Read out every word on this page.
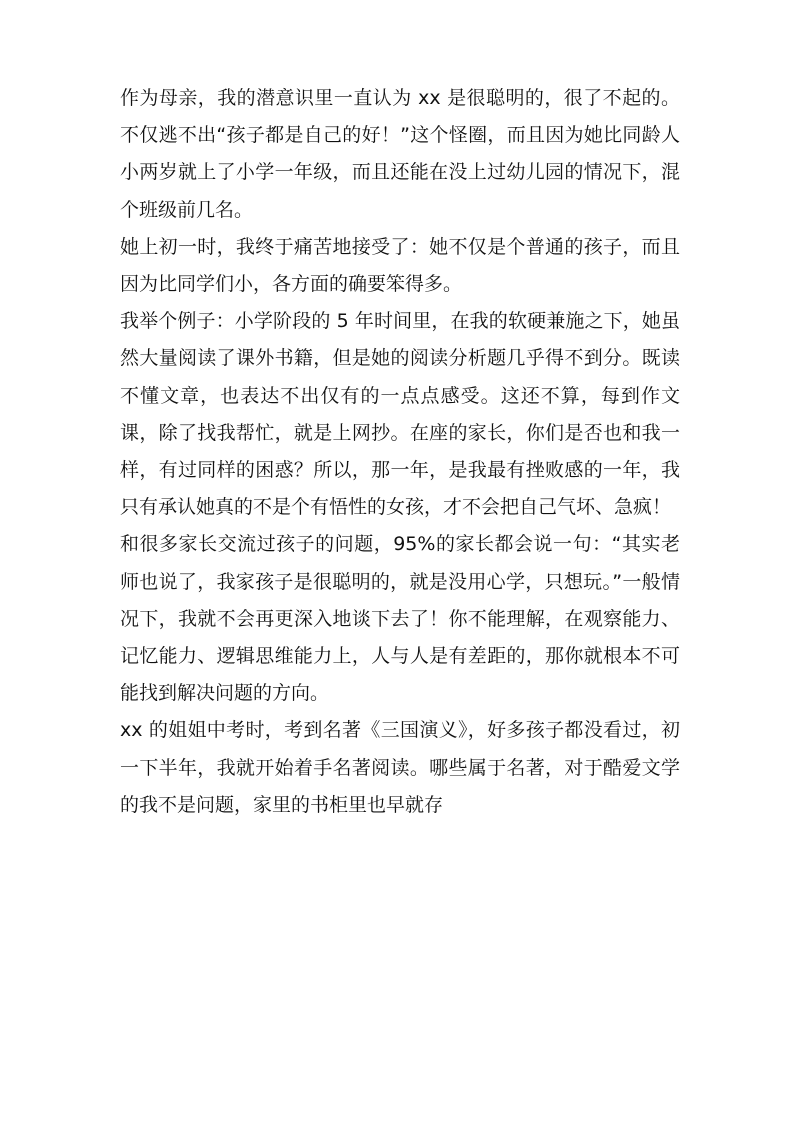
作为母亲，我的潜意识里一直认为 xx 是很聪明的，很了不起的。不仅逃不出“孩子都是自己的好！”这个怪圈，而且因为她比同龄人小两岁就上了小学一年级，而且还能在没上过幼儿园的情况下，混个班级前几名。

她上初一时，我终于痛苦地接受了：她不仅是个普通的孩子，而且因为比同学们小，各方面的确要笨得多。

我举个例子：小学阶段的 5 年时间里，在我的软硬兼施之下，她虽然大量阅读了课外书籍，但是她的阅读分析题几乎得不到分。既读不懂文章，也表达不出仅有的一点点感受。这还不算，每到作文课，除了找我帮忙，就是上网抄。在座的家长，你们是否也和我一样，有过同样的困惑？所以，那一年，是我最有挫败感的一年，我只有承认她真的不是个有悟性的女孩，才不会把自己气坏、急疯！

和很多家长交流过孩子的问题，95%的家长都会说一句：“其实老师也说了，我家孩子是很聪明的，就是没用心学，只想玩。”一般情况下，我就不会再更深入地谈下去了！你不能理解，在观察能力、记忆能力、逻辑思维能力上，人与人是有差距的，那你就根本不可能找到解决问题的方向。

xx 的姐姐中考时，考到名著《三国演义》，好多孩子都没看过，初一下半年，我就开始着手名著阅读。哪些属于名著，对于酷爱文学的我不是问题，家里的书柜里也早就存
